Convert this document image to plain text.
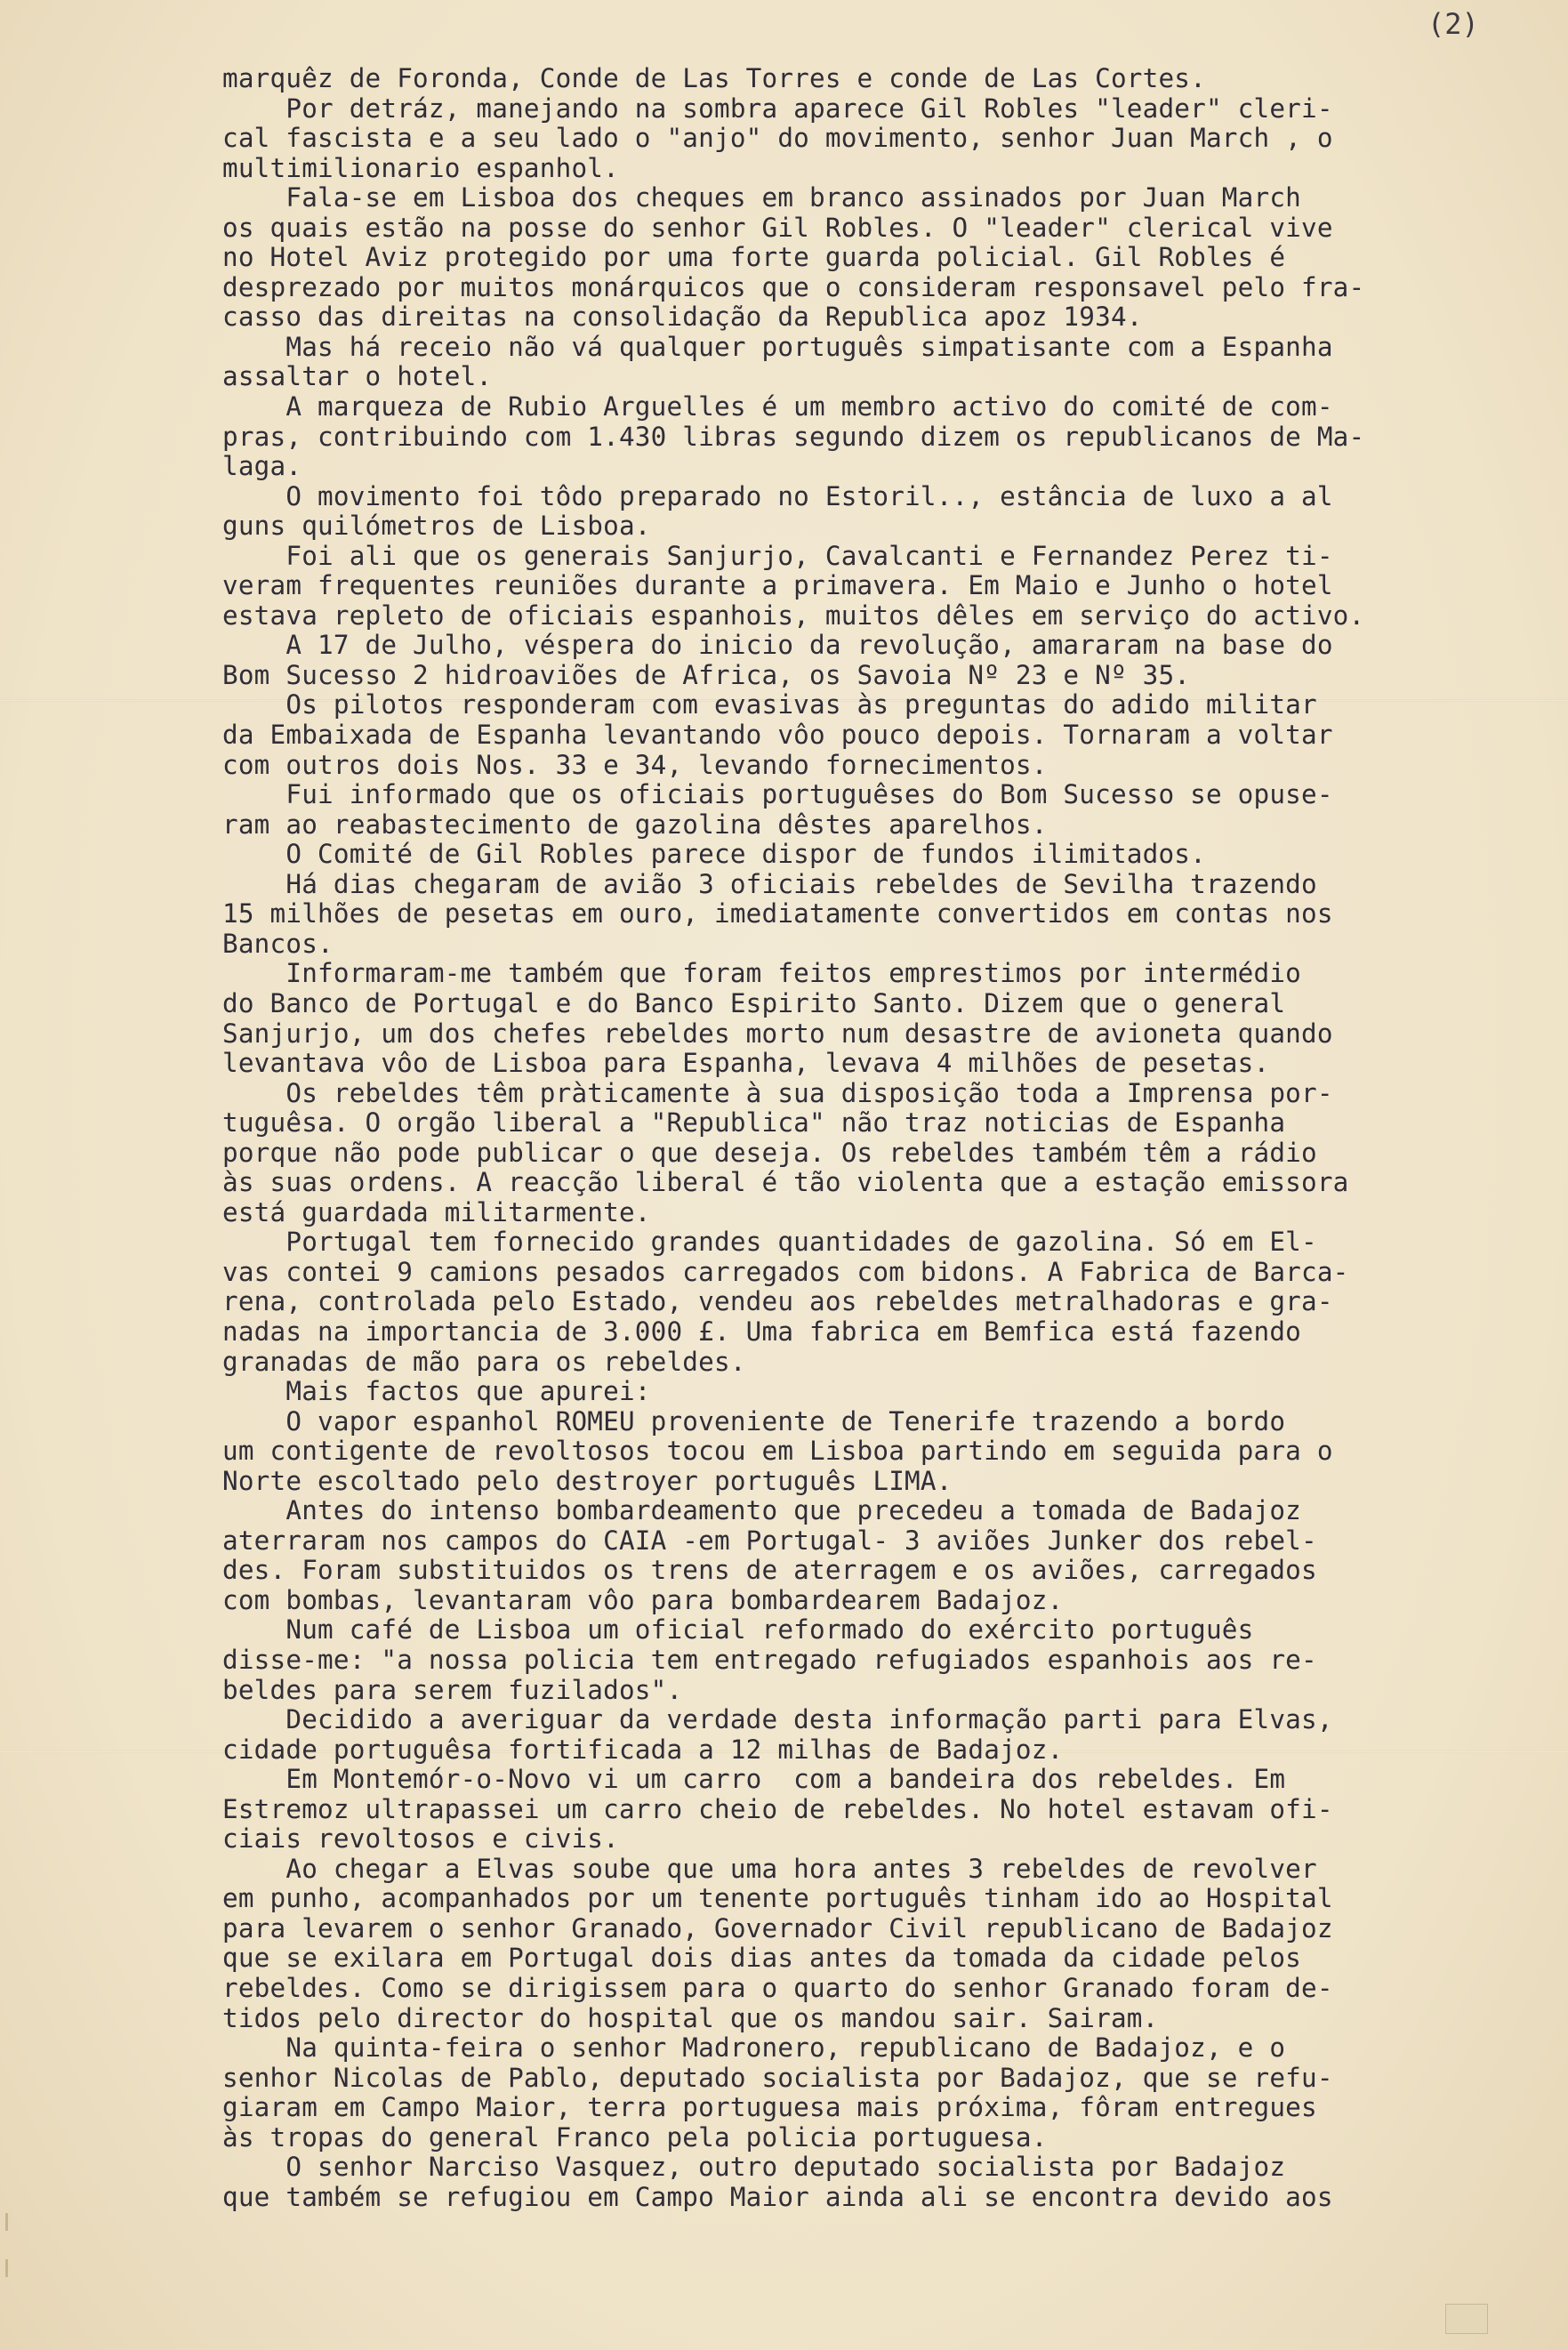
(2)
marquêz de Foronda, Conde de Las Torres e conde de Las Cortes.
Por detráz, manejando na sombra aparece Gil Robles "leader" cleri-
cal fascista e a seu lado o "anjo" do movimento, senhor Juan March , o
multimilionario espanhol.
Fala-se em Lisboa dos cheques em branco assinados por Juan March
os quais estão na posse do senhor Gil Robles. O "leader" clerical vive
no Hotel Aviz protegido por uma forte guarda policial. Gil Robles é
desprezado por muitos monárquicos que o consideram responsavel pelo fra-
casso das direitas na consolidação da Republica apoz 1934.
Mas há receio não vá qualquer português simpatisante com a Espanha
assaltar o hotel.
A marqueza de Rubio Arguelles é um membro activo do comité de com-
pras, contribuindo com 1.430 libras segundo dizem os republicanos de Ma-
laga.
O movimento foi tôdo preparado no Estoril.., estância de luxo a al
guns quilómetros de Lisboa.
Foi ali que os generais Sanjurjo, Cavalcanti e Fernandez Perez ti-
veram frequentes reuniões durante a primavera. Em Maio e Junho o hotel
estava repleto de oficiais espanhois, muitos dêles em serviço do activo.
A 17 de Julho, véspera do inicio da revolução, amararam na base do
Bom Sucesso 2 hidroaviões de Africa, os Savoia Nº 23 e Nº 35.
Os pilotos responderam com evasivas às preguntas do adido militar
da Embaixada de Espanha levantando vôo pouco depois. Tornaram a voltar
com outros dois Nos. 33 e 34, levando fornecimentos.
Fui informado que os oficiais portuguêses do Bom Sucesso se opuse-
ram ao reabastecimento de gazolina dêstes aparelhos.
O Comité de Gil Robles parece dispor de fundos ilimitados.
Há dias chegaram de avião 3 oficiais rebeldes de Sevilha trazendo
15 milhões de pesetas em ouro, imediatamente convertidos em contas nos
Bancos.
Informaram-me também que foram feitos emprestimos por intermédio
do Banco de Portugal e do Banco Espirito Santo. Dizem que o general
Sanjurjo, um dos chefes rebeldes morto num desastre de avioneta quando
levantava vôo de Lisboa para Espanha, levava 4 milhões de pesetas.
Os rebeldes têm pràticamente à sua disposição toda a Imprensa por-
tuguêsa. O orgão liberal a "Republica" não traz noticias de Espanha
porque não pode publicar o que deseja. Os rebeldes também têm a rádio
às suas ordens. A reacção liberal é tão violenta que a estação emissora
está guardada militarmente.
Portugal tem fornecido grandes quantidades de gazolina. Só em El-
vas contei 9 camions pesados carregados com bidons. A Fabrica de Barca-
rena, controlada pelo Estado, vendeu aos rebeldes metralhadoras e gra-
nadas na importancia de 3.000 £. Uma fabrica em Bemfica está fazendo
granadas de mão para os rebeldes.
Mais factos que apurei:
O vapor espanhol ROMEU proveniente de Tenerife trazendo a bordo
um contigente de revoltosos tocou em Lisboa partindo em seguida para o
Norte escoltado pelo destroyer português LIMA.
Antes do intenso bombardeamento que precedeu a tomada de Badajoz
aterraram nos campos do CAIA -em Portugal- 3 aviões Junker dos rebel-
des. Foram substituidos os trens de aterragem e os aviões, carregados
com bombas, levantaram vôo para bombardearem Badajoz.
Num café de Lisboa um oficial reformado do exército português
disse-me: "a nossa policia tem entregado refugiados espanhois aos re-
beldes para serem fuzilados".
Decidido a averiguar da verdade desta informação parti para Elvas,
cidade portuguêsa fortificada a 12 milhas de Badajoz.
Em Montemór-o-Novo vi um carro  com a bandeira dos rebeldes. Em
Estremoz ultrapassei um carro cheio de rebeldes. No hotel estavam ofi-
ciais revoltosos e civis.
Ao chegar a Elvas soube que uma hora antes 3 rebeldes de revolver
em punho, acompanhados por um tenente português tinham ido ao Hospital
para levarem o senhor Granado, Governador Civil republicano de Badajoz
que se exilara em Portugal dois dias antes da tomada da cidade pelos
rebeldes. Como se dirigissem para o quarto do senhor Granado foram de-
tidos pelo director do hospital que os mandou sair. Sairam.
Na quinta-feira o senhor Madronero, republicano de Badajoz, e o
senhor Nicolas de Pablo, deputado socialista por Badajoz, que se refu-
giaram em Campo Maior, terra portuguesa mais próxima, fôram entregues
às tropas do general Franco pela policia portuguesa.
O senhor Narciso Vasquez, outro deputado socialista por Badajoz
que também se refugiou em Campo Maior ainda ali se encontra devido aos
